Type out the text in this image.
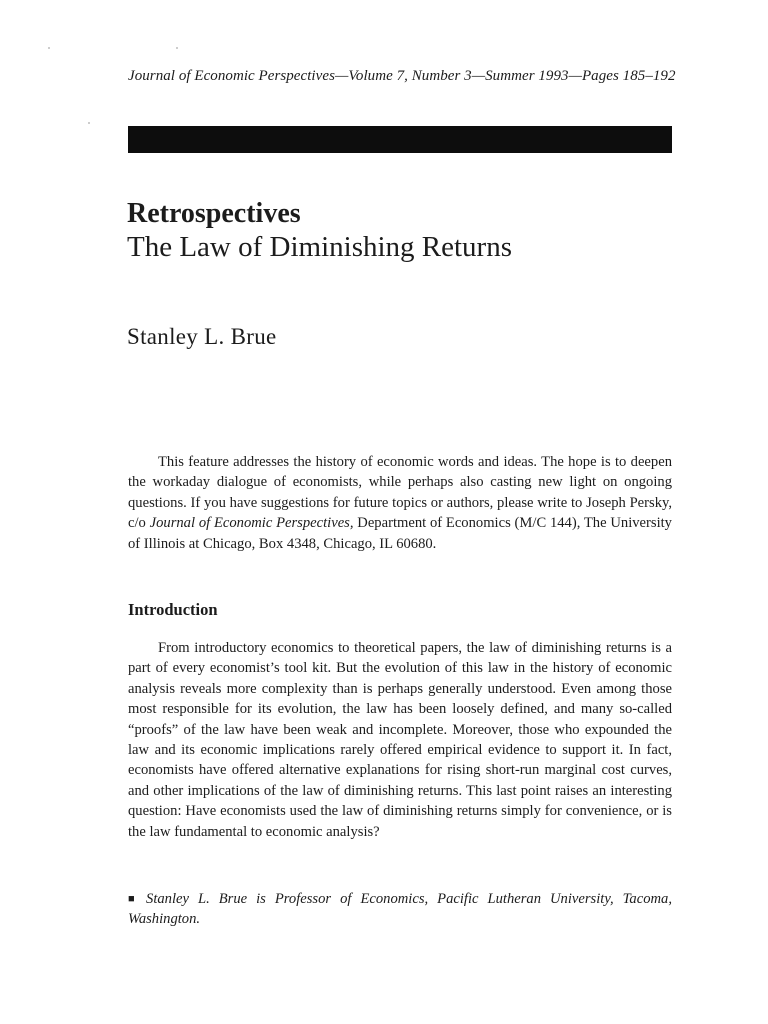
Journal of Economic Perspectives—Volume 7, Number 3—Summer 1993—Pages 185–192
Retrospectives
The Law of Diminishing Returns
Stanley L. Brue

This feature addresses the history of economic words and ideas. The hope is to deepen the workaday dialogue of economists, while perhaps also casting new light on ongoing questions. If you have suggestions for future topics or authors, please write to Joseph Persky, c/o Journal of Economic Perspectives, Department of Economics (M/C 144), The University of Illinois at Chicago, Box 4348, Chicago, IL 60680.

Introduction

From introductory economics to theoretical papers, the law of diminishing returns is a part of every economist’s tool kit. But the evolution of this law in the history of economic analysis reveals more complexity than is perhaps generally understood. Even among those most responsible for its evolution, the law has been loosely defined, and many so-called “proofs” of the law have been weak and incomplete. Moreover, those who expounded the law and its economic implications rarely offered empirical evidence to support it. In fact, economists have offered alternative explanations for rising short-run marginal cost curves, and other implications of the law of diminishing returns. This last point raises an interesting question: Have economists used the law of diminishing returns simply for convenience, or is the law fundamental to economic analysis?

■ Stanley L. Brue is Professor of Economics, Pacific Lutheran University, Tacoma, Washington.
